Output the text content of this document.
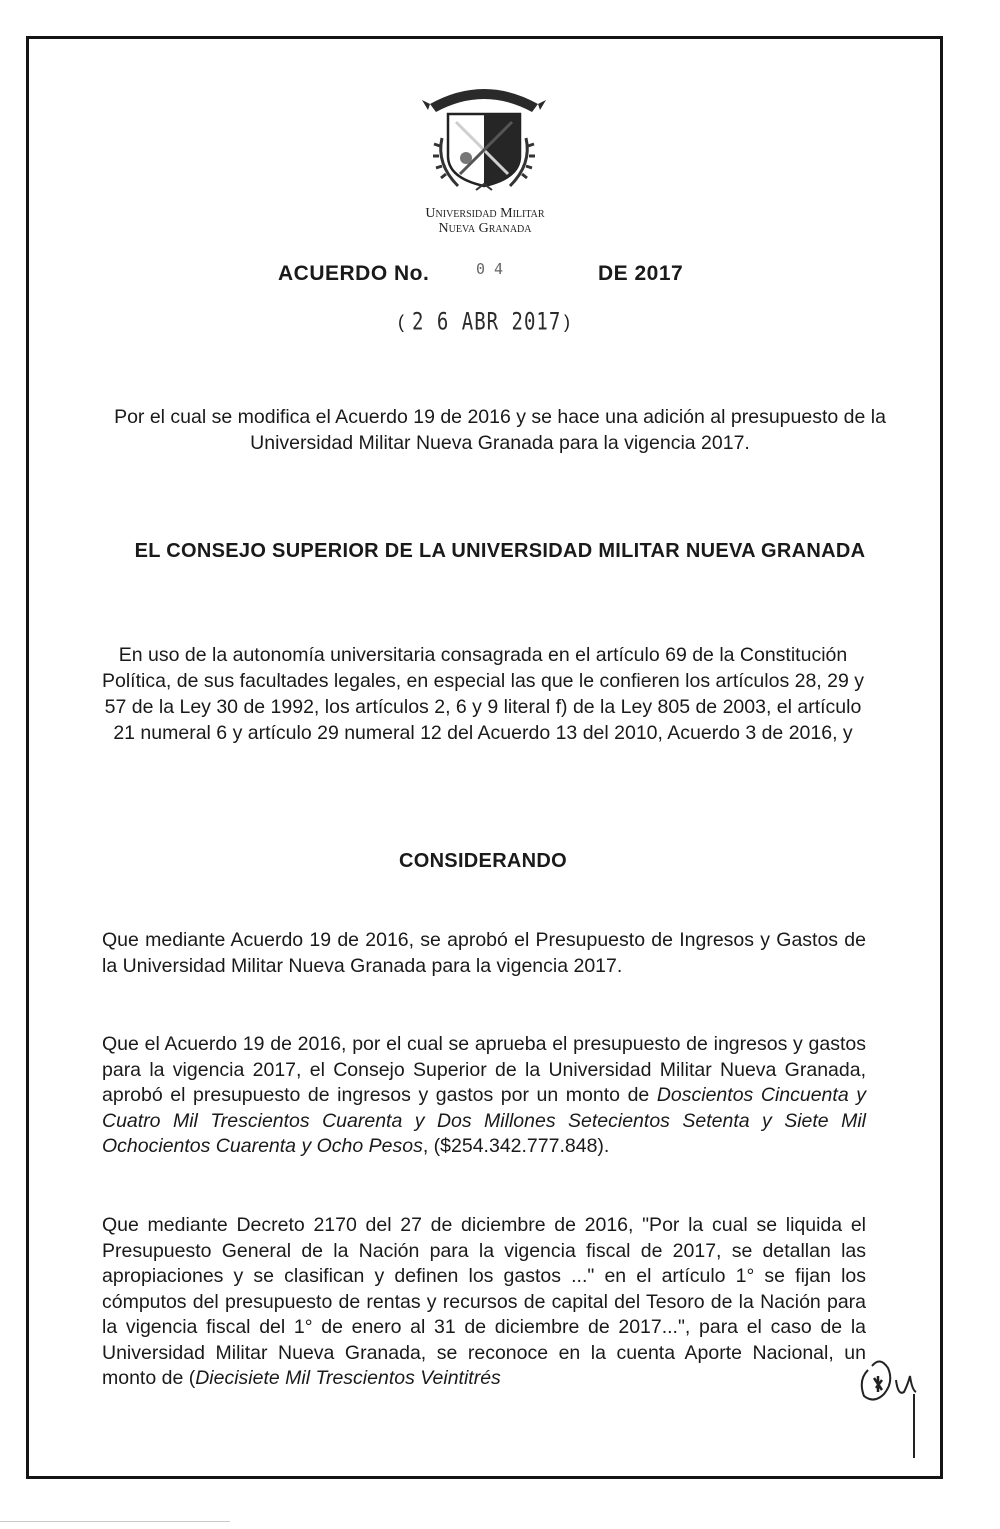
Universidad Militar
Nueva Granada
ACUERDO No.	0 4	DE 2017
( 2 6 ABR 2017 )
Por el cual se modifica el Acuerdo 19 de 2016 y se hace una adición al presupuesto de la Universidad Militar Nueva Granada para la vigencia 2017.
EL CONSEJO SUPERIOR DE LA UNIVERSIDAD MILITAR NUEVA GRANADA
En uso de la autonomía universitaria consagrada en el artículo 69 de la Constitución Política, de sus facultades legales, en especial las que le confieren los artículos 28, 29 y 57 de la Ley 30 de 1992, los artículos 2, 6 y 9 literal f) de la Ley 805 de 2003, el artículo 21 numeral 6 y artículo 29 numeral 12 del Acuerdo 13 del 2010, Acuerdo 3 de 2016, y
CONSIDERANDO
Que mediante Acuerdo 19 de 2016, se aprobó el Presupuesto de Ingresos y Gastos de la Universidad Militar Nueva Granada para la vigencia 2017.
Que el Acuerdo 19 de 2016, por el cual se aprueba el presupuesto de ingresos y gastos para la vigencia 2017, el Consejo Superior de la Universidad Militar Nueva Granada, aprobó el presupuesto de ingresos y gastos por un monto de Doscientos Cincuenta y Cuatro Mil Trescientos Cuarenta y Dos Millones Setecientos Setenta y Siete Mil Ochocientos Cuarenta y Ocho Pesos, ($254.342.777.848).
Que mediante Decreto 2170 del 27 de diciembre de 2016, "Por la cual se liquida el Presupuesto General de la Nación para la vigencia fiscal de 2017, se detallan las apropiaciones y se clasifican y definen los gastos ..." en el artículo 1° se fijan los cómputos del presupuesto de rentas y recursos de capital del Tesoro de la Nación para la vigencia fiscal del 1° de enero al 31 de diciembre de 2017...", para el caso de la Universidad Militar Nueva Granada, se reconoce en la cuenta Aporte Nacional, un monto de (Diecisiete Mil Trescientos Veintitrés
